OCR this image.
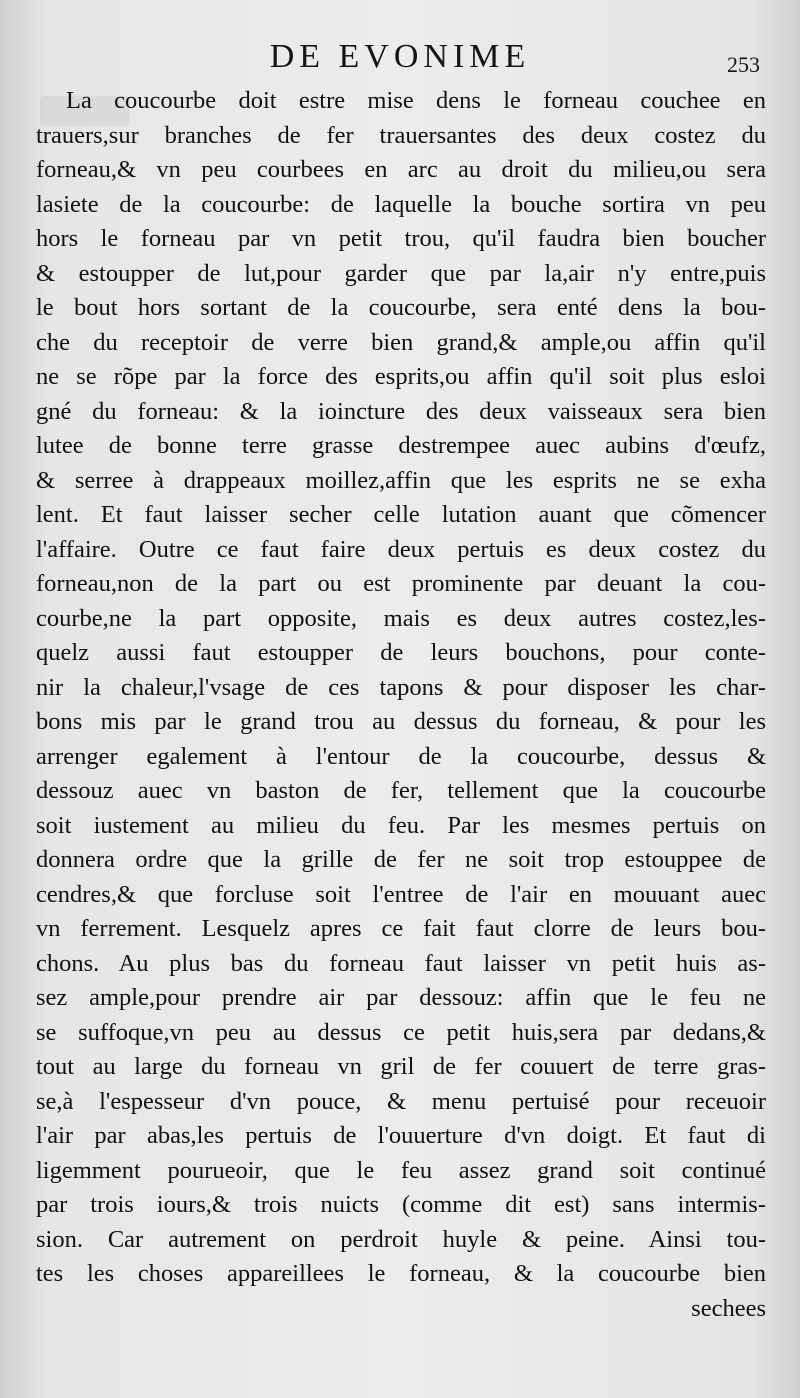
DE EVONIME	253
La coucourbe doit estre mise dens le forneau couchee en
trauers,sur branches de fer trauersantes des deux costez du
forneau,& vn peu courbees en arc au droit du milieu,ou sera
lasiete de la coucourbe: de laquelle la bouche sortira vn peu
hors le forneau par vn petit trou, qu'il faudra bien boucher
& estoupper de lut,pour garder que par la,air n'y entre,puis
le bout hors sortant de la coucourbe, sera enté dens la bou-
che du receptoir de verre bien grand,& ample,ou affin qu'il
ne se rõpe par la force des esprits,ou affin qu'il soit plus esloi
gné du forneau: & la ioincture des deux vaisseaux sera bien
lutee de bonne terre grasse destrempee auec aubins d'œufz,
& serree à drappeaux moillez,affin que les esprits ne se exha
lent. Et faut laisser secher celle lutation auant que cõmencer
l'affaire. Outre ce faut faire deux pertuis es deux costez du
forneau,non de la part ou est prominente par deuant la cou-
courbe,ne la part opposite, mais es deux autres costez,les-
quelz aussi faut estoupper de leurs bouchons, pour conte-
nir la chaleur,l'vsage de ces tapons & pour disposer les char-
bons mis par le grand trou au dessus du forneau, & pour les
arrenger egalement à l'entour de la coucourbe, dessus &
dessouz auec vn baston de fer, tellement que la coucourbe
soit iustement au milieu du feu. Par les mesmes pertuis on
donnera ordre que la grille de fer ne soit trop estouppee de
cendres,& que forcluse soit l'entree de l'air en mouuant auec
vn ferrement. Lesquelz apres ce fait faut clorre de leurs bou-
chons. Au plus bas du forneau faut laisser vn petit huis as-
sez ample,pour prendre air par dessouz: affin que le feu ne
se suffoque,vn peu au dessus ce petit huis,sera par dedans,&
tout au large du forneau vn gril de fer couuert de terre gras-
se,à l'espesseur d'vn pouce, & menu pertuisé pour receuoir
l'air par abas,les pertuis de l'ouuerture d'vn doigt. Et faut di
ligemment pourueoir, que le feu assez grand soit continué
par trois iours,& trois nuicts (comme dit est) sans intermis-
sion. Car autrement on perdroit huyle & peine. Ainsi tou-
tes les choses appareillees le forneau, & la coucourbe bien
sechees
